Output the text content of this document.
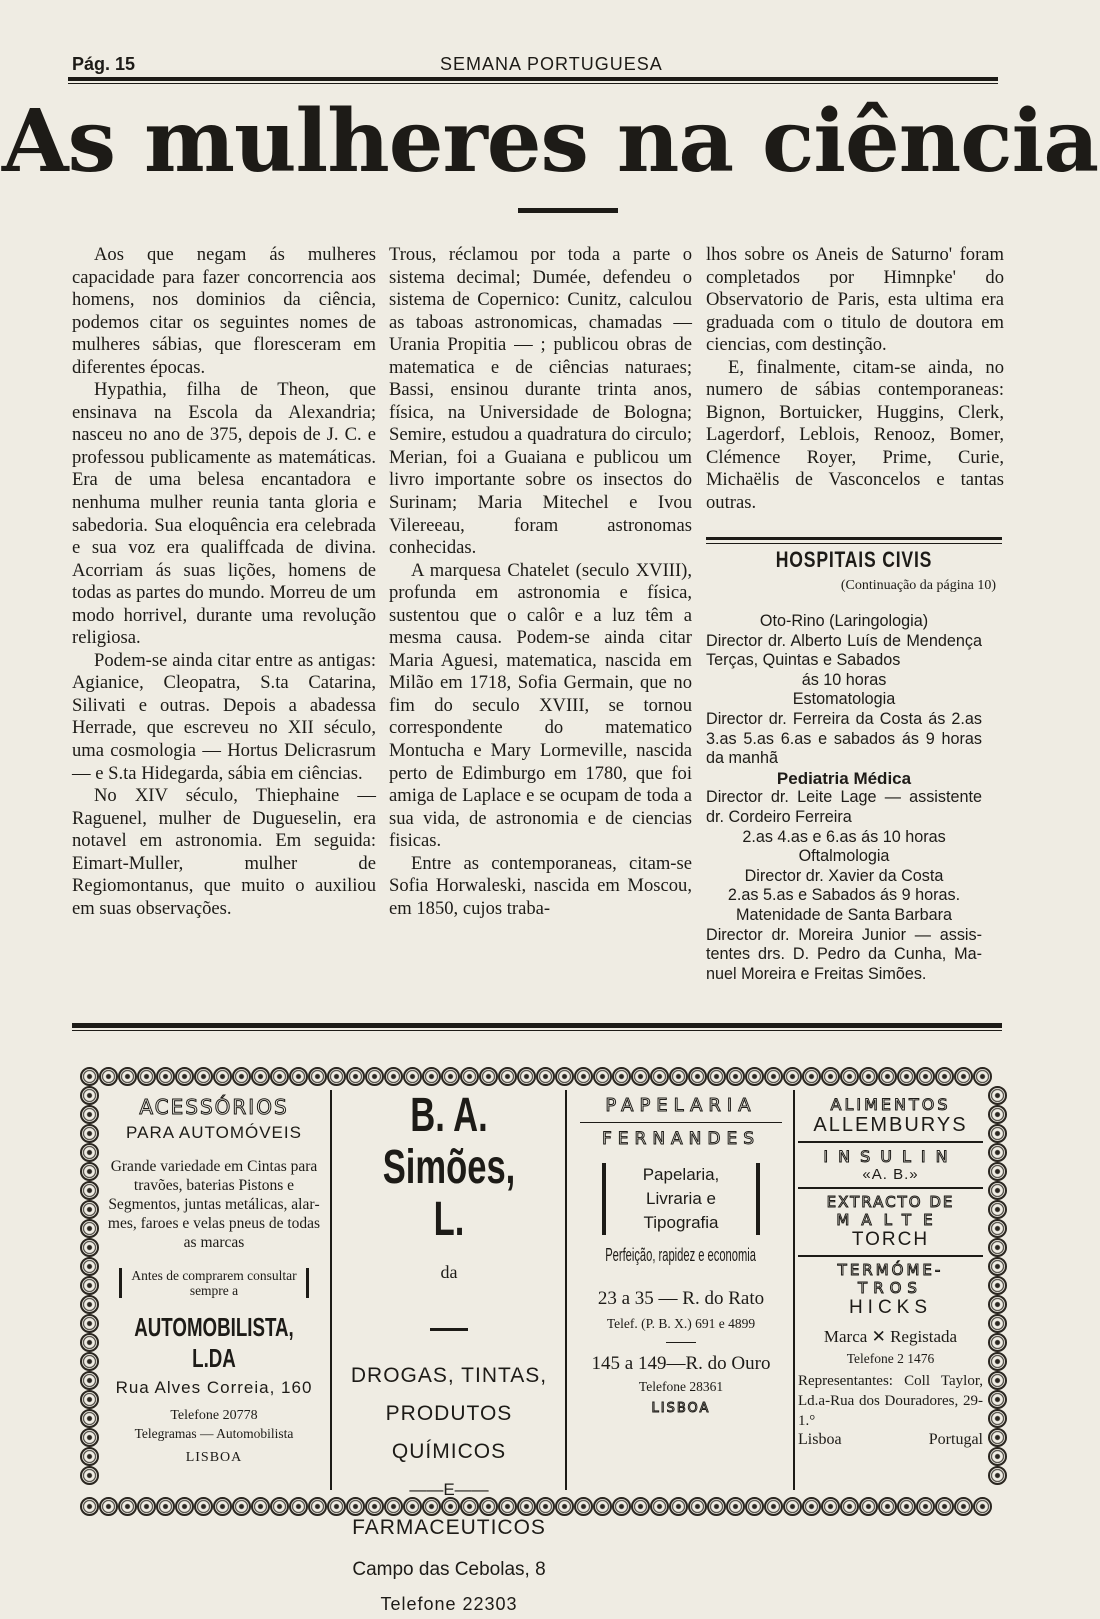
Pág. 15	SEMANA PORTUGUESA
As mulheres na ciência

Aos que negam ás mulheres capacidade para fazer concorrencia aos homens, nos dominios da ciência, podemos citar os seguintes nomes de mulheres sábias, que floresceram em diferentes épocas.

Hypathia, filha de Theon, que ensinava na Escola da Alexandria; nasceu no ano de 375, depois de J. C. e professou publicamente as matemáticas. Era de uma belesa encantadora e nenhuma mulher reunia tanta gloria e sabedoria. Sua eloquência era celebrada e sua voz era qualiffcada de divina. Acorriam ás suas lições, homens de todas as partes do mundo. Morreu de um modo horrivel, durante uma revolução religiosa.

Podem-se ainda citar entre as antigas: Agianice, Cleopatra, S.ta Catarina, Silivati e outras. Depois a abadessa Herrade, que escreveu no XII século, uma cosmologia — Hortus Delicrasrum — e S.ta Hidegarda, sábia em ciências.

No XIV século, Thiephaine — Raguenel, mulher de Dugueselin, era notavel em astronomia. Em seguida: Eimart-Muller, mulher de Regiomontanus, que muito o auxiliou em suas observações.

Trous, réclamou por toda a parte o sistema decimal; Dumée, defendeu o sistema de Copernico: Cunitz, calculou as taboas astronomicas, chamadas — Urania Propitia — ; publicou obras de matematica e de ciências naturaes; Bassi, ensinou durante trinta anos, física, na Universidade de Bologna; Semire, estudou a quadratura do circulo; Merian, foi a Guaiana e publicou um livro importante sobre os insectos do Surinam; Maria Mitechel e Ivou Vilereeau, foram astronomas conhecidas.

A marquesa Chatelet (seculo XVIII), profunda em astronomia e física, sustentou que o calôr e a luz têm a mesma causa. Podem-se ainda citar Maria Aguesi, matematica, nascida em Milão em 1718, Sofia Germain, que no fim do seculo XVIII, se tornou correspondente do matematico Montucha e Mary Lormeville, nascida perto de Edimburgo em 1780, que foi amiga de Laplace e se ocupam de toda a sua vida, de astronomia e de ciencias fisicas.

Entre as contemporaneas, citam-se Sofia Horwaleski, nascida em Moscou, em 1850, cujos traba-

lhos sobre os Aneis de Saturno' foram completados por Himnpke' do Observatorio de Paris, esta ultima era graduada com o titulo de doutora em ciencias, com destinção.

E, finalmente, citam-se ainda, no numero de sábias contemporaneas: Bignon, Bortuicker, Huggins, Clerk, Lagerdorf, Leblois, Renooz, Bomer, Clémence Royer, Prime, Curie, Michaëlis de Vasconcelos e tantas outras.

HOSPITAIS CIVIS
(Continuação da página 10)
Oto-Rino (Laringologia)
Director dr. Alberto Luís de Mendença Terças, Quintas e Sabados
ás 10 horas
Estomatologia
Director dr. Ferreira da Costa ás 2.as 3.as 5.as 6.as e sabados ás 9 horas da manhã
Pediatria Médica
Director dr. Leite Lage — assistente dr. Cordeiro Ferreira
2.as 4.as e 6.as ás 10 horas
Oftalmologia
Director dr. Xavier da Costa
2.as 5.as e Sabados ás 9 horas.
Matenidade de Santa Barbara
Director dr. Moreira Junior — assistentes drs. D. Pedro da Cunha, Manuel Moreira e Freitas Simões.
ACESSÓRIOS
PARA AUTOMÓVEIS
Grande variedade em Cintas para travões, baterias Pistons e Segmentos, juntas metálicas, alarmes, faroes e velas pneus de todas as marcas
Antes de comprarem consultar sempre a
AUTOMOBILISTA, L.DA
Rua Alves Correia, 160
Telefone 20778
Telegramas — Automobilista
LISBOA
B. A. Simões, L.$^{da}$
DROGAS, TINTAS,
PRODUTOS
QUÍMICOS
——E——
FARMACEUTICOS
Campo das Cebolas, 8
Telefone 22303
PAPELARIA
FERNANDES
Papelaria,
Livraria e
Tipografia
Perfeição, rapidez e economia
23 a 35 — R. do Rato
Telef. (P. B. X.) 691 e 4899
145 a 149—R. do Ouro
Telefone 28361
LISBOA
ALIMENTOS
ALLEMBURYS
INSULIN
«A. B.»
EXTRACTO DE
MALTE
TORCH
TERMÓME-
TROS
HICKS
Marca ✕ Registada
Telefone 2 1476
Representantes: Coll Taylor, Ld.a-Rua dos Douradores, 29-1.°
Lisboa	Portugal
